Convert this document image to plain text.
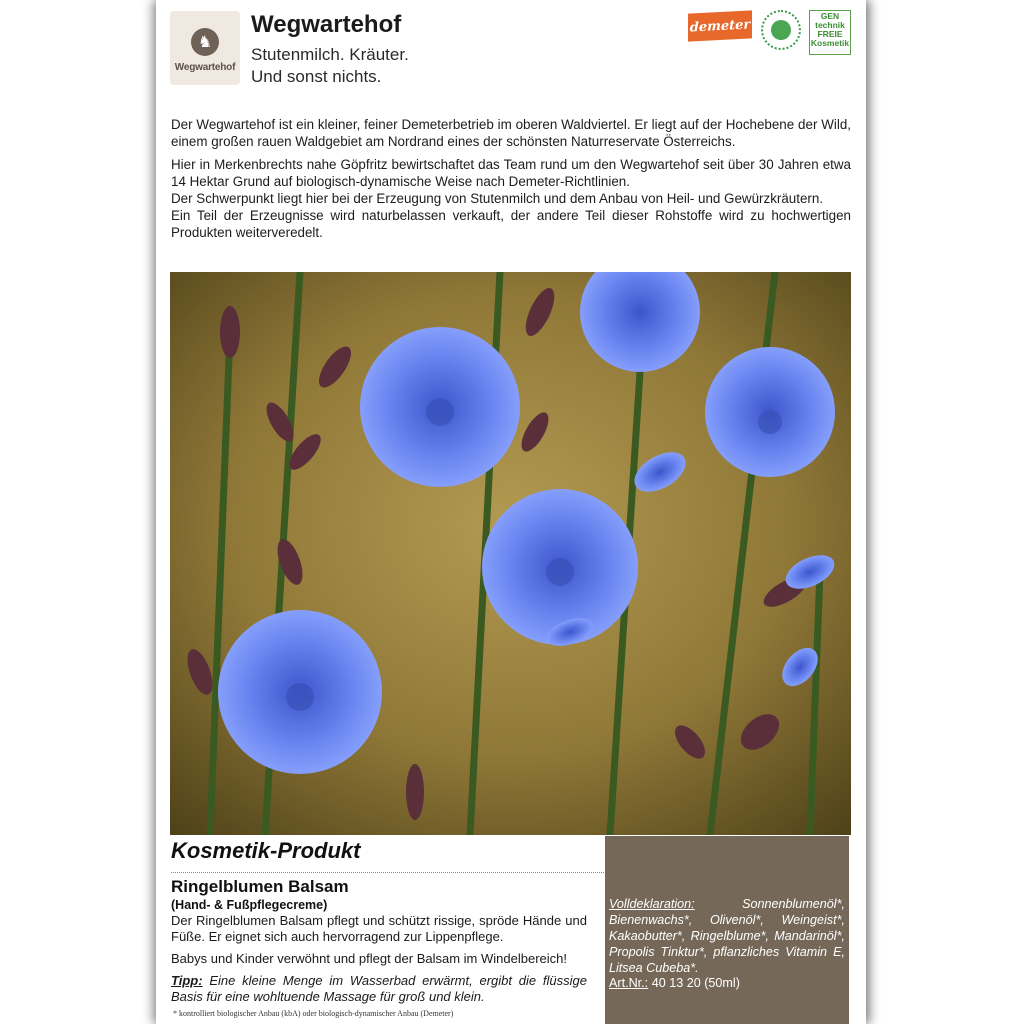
♞
Wegwartehof
Wegwartehof
Stutenmilch. Kräuter.
Und sonst nichts.
demeter
GEN
technik
FREIE
Kosmetik

Der Wegwartehof ist ein kleiner, feiner Demeterbetrieb im oberen Waldviertel. Er liegt auf der Hochebene der Wild, einem großen rauen Waldgebiet am Nordrand eines der schönsten Naturreservate Österreichs.

Hier in Merkenbrechts nahe Göpfritz bewirtschaftet das Team rund um den Wegwartehof seit über 30 Jahren etwa 14 Hektar Grund auf biologisch-dynamische Weise nach Demeter-Richtlinien.
Der Schwerpunkt liegt hier bei der Erzeugung von Stutenmilch und dem Anbau von Heil- und Gewürzkräutern.
Ein Teil der Erzeugnisse wird naturbelassen verkauft, der andere Teil dieser Rohstoffe wird zu hochwertigen Produkten weiterveredelt.
Kosmetik-Produkt
Ringelblumen Balsam
(Hand- & Fußpflegecreme)

Der Ringelblumen Balsam pflegt und schützt rissige, spröde Hände und Füße. Er eignet sich auch hervorragend zur Lippenpflege.

Babys und Kinder verwöhnt und pflegt der Balsam im Windelbereich!

Tipp: Eine kleine Menge im Wasserbad erwärmt, ergibt die flüssige Basis für eine wohltuende Massage für groß und klein.

* kontrolliert biologischer Anbau (kbA) oder biologisch-dynamischer Anbau (Demeter)
Volldeklaration:	Sonnenblumenöl*, Bienenwachs*, Olivenöl*, Weingeist*, Kakaobutter*, Ringelblume*, Mandarinöl*, Propolis Tinktur*, pflanzliches Vitamin E, Litsea Cubeba*.
Art.Nr.: 40 13 20 (50ml)
